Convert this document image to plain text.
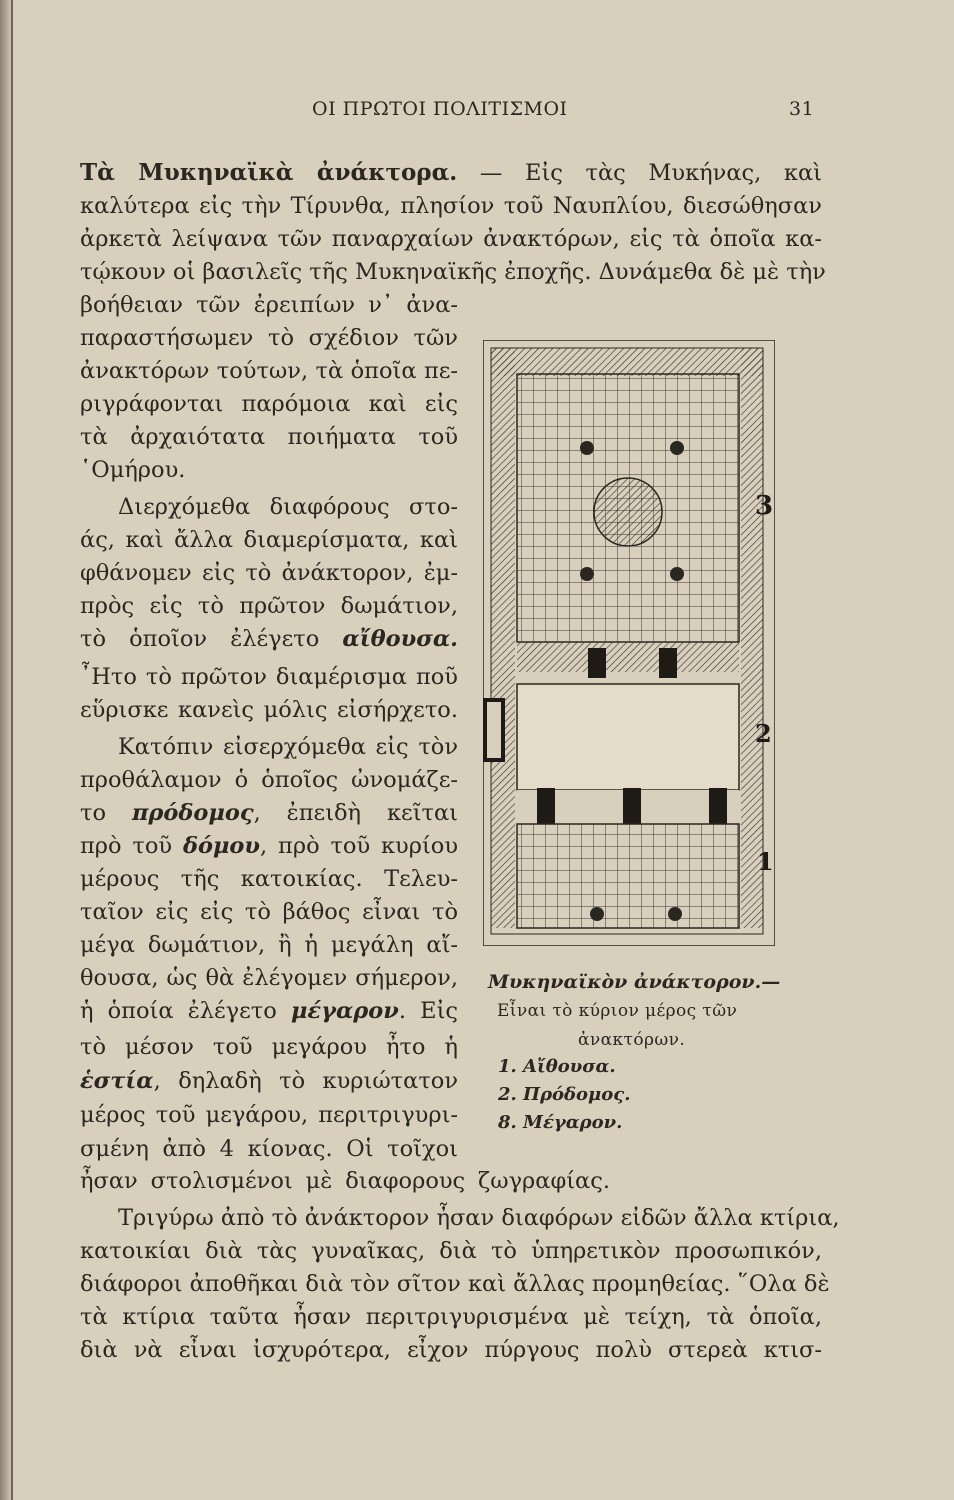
ΟΙ ΠΡΩΤΟΙ ΠΟΛΙΤΙΣΜΟΙ	31
Τὰ Μυκηναϊκὰ ἀνάκτορα. — Εἰς τὰς Μυκήνας, καὶ
καλύτερα εἰς τὴν Τίρυνθα, πλησίον τοῦ Ναυπλίου, διεσώθησαν
ἀρκετὰ λείψανα τῶν παναρχαίων ἀνακτόρων, εἰς τὰ ὁποῖα κα-
τῴκουν οἱ βασιλεῖς τῆς Μυκηναϊκῆς ἐποχῆς. Δυνάμεθα δὲ μὲ τὴν
βοήθειαν τῶν ἐρειπίων ν᾽ ἀνα-
παραστήσωμεν τὸ σχέδιον τῶν
ἀνακτόρων τούτων, τὰ ὁποῖα πε-
ριγράφονται παρόμοια καὶ εἰς
τὰ ἀρχαιότατα ποιήματα τοῦ
῾Ομήρου.
Διερχόμεθα διαφόρους στο-
άς, καὶ ἄλλα διαμερίσματα, καὶ
φθάνομεν εἰς τὸ ἀνάκτορον, ἐμ-
πρὸς εἰς τὸ πρῶτον δωμάτιον,
τὸ ὁποῖον ἐλέγετο αἴθουσα.
῏Ητο τὸ πρῶτον διαμέρισμα ποῦ
εὕρισκε κανεὶς μόλις εἰσήρχετο.
Κατόπιν εἰσερχόμεθα εἰς τὸν
προθάλαμον ὁ ὁποῖος ὠνομάζε-
το πρόδομος, ἐπειδὴ κεῖται
πρὸ τοῦ δόμου, πρὸ τοῦ κυρίου
μέρους τῆς κατοικίας. Τελευ-
ταῖον εἰς εἰς τὸ βάθος εἶναι τὸ
μέγα δωμάτιον, ἢ ἡ μεγάλη αἴ-
θουσα, ὡς θὰ ἐλέγομεν σήμερον,
ἡ ὁποία ἐλέγετο μέγαρον. Εἰς
τὸ μέσον τοῦ μεγάρου ἦτο ἡ
ἑστία, δηλαδὴ τὸ κυριώτατον
μέρος τοῦ μεγάρου, περιτριγυρι-
σμένη ἀπὸ 4 κίονας. Οἱ τοῖχοι
ἦσαν στολισμένοι μὲ διαφορους ζωγραφίας.
Τριγύρω ἀπὸ τὸ ἀνάκτορον ἦσαν διαφόρων εἰδῶν ἄλλα κτίρια,
κατοικίαι διὰ τὰς γυναῖκας, διὰ τὸ ὑπηρετικὸν προσωπικόν,
διάφοροι ἀποθῆκαι διὰ τὸν σῖτον καὶ ἄλλας προμηθείας. ῞Ολα δὲ
τὰ κτίρια ταῦτα ἦσαν περιτριγυρισμένα μὲ τείχη, τὰ ὁποῖα,
διὰ νὰ εἶναι ἰσχυρότερα, εἶχον πύργους πολὺ στερεὰ κτισ-
3
2
1
Μυκηναϊκὸν ἀνάκτορον.—
Εἶναι τὸ κύριον μέρος τῶν
ἀνακτόρων.
1. Αἴθουσα.
2. Πρόδομος.
8. Μέγαρον.
